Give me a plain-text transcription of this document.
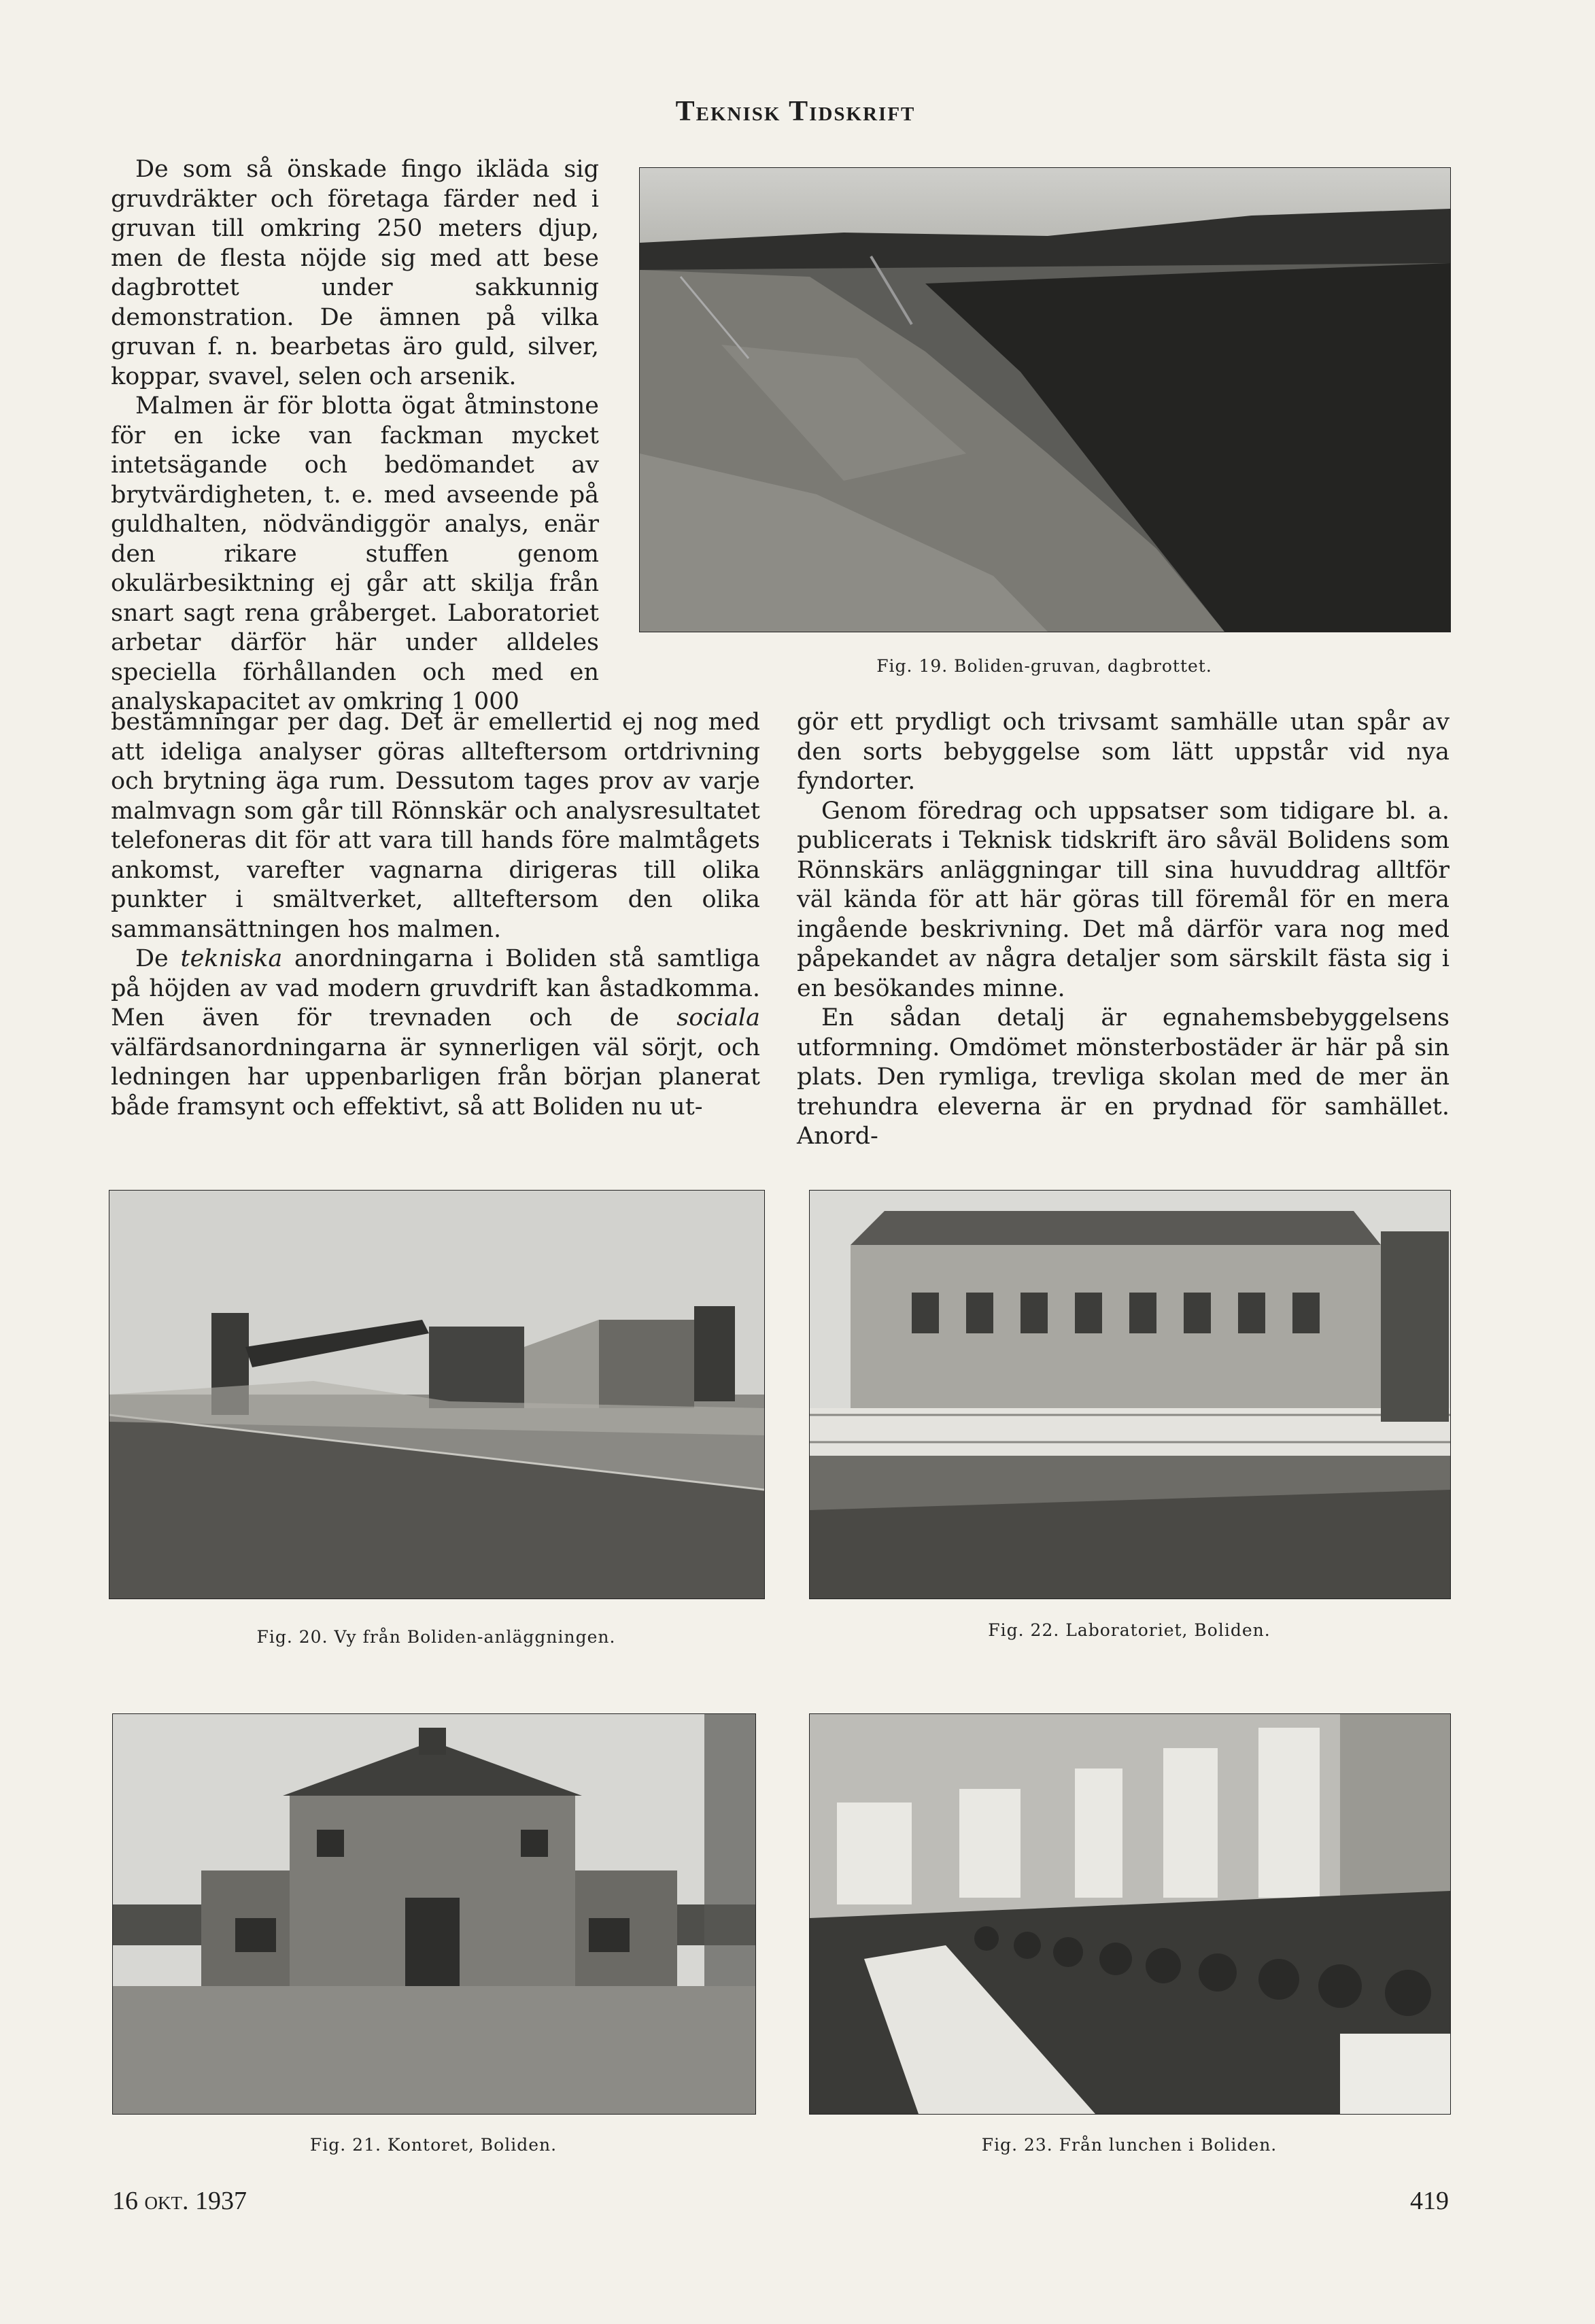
Teknisk Tidskrift

De som så önskade fingo ikläda sig gruvdräkter och företaga färder ned i gruvan till omkring 250 meters djup, men de flesta nöjde sig med att bese dagbrottet under sakkunnig demonstration. De ämnen på vilka gruvan f. n. bearbetas äro guld, silver, koppar, svavel, selen och arsenik.

Malmen är för blotta ögat åtminstone för en icke van fackman mycket intetsägande och bedömandet av brytvärdigheten, t. e. med avseende på guldhalten, nödvändiggör analys, enär den rikare stuffen genom okulärbesiktning ej går att skilja från snart sagt rena gråberget. Laboratoriet arbetar därför här under alldeles speciella förhållanden och med en analyskapacitet av omkring 1 000

bestämningar per dag. Det är emellertid ej nog med att ideliga analyser göras allteftersom ortdrivning och brytning äga rum. Dessutom tages prov av varje malmvagn som går till Rönnskär och analysresultatet telefoneras dit för att vara till hands före malmtågets ankomst, varefter vagnarna dirigeras till olika punkter i smältverket, allteftersom den olika sammansättningen hos malmen.

De tekniska anordningarna i Boliden stå samtliga på höjden av vad modern gruvdrift kan åstadkomma. Men även för trevnaden och de sociala välfärdsanordningarna är synnerligen väl sörjt, och ledningen har uppenbarligen från början planerat både framsynt och effektivt, så att Boliden nu ut-

gör ett prydligt och trivsamt samhälle utan spår av den sorts bebyggelse som lätt uppstår vid nya fyndorter.

Genom föredrag och uppsatser som tidigare bl. a. publicerats i Teknisk tidskrift äro såväl Bolidens som Rönnskärs anläggningar till sina huvuddrag alltför väl kända för att här göras till föremål för en mera ingående beskrivning. Det må därför vara nog med påpekandet av några detaljer som särskilt fästa sig i en besökandes minne.

En sådan detalj är egnahemsbebyggelsens utformning. Omdömet mönsterbostäder är här på sin plats. Den rymliga, trevliga skolan med de mer än trehundra eleverna är en prydnad för samhället. Anord-

Fig. 19. Boliden-gruvan, dagbrottet.
Fig. 20. Vy från Boliden-anläggningen.	Fig. 22. Laboratoriet, Boliden.
Fig. 21. Kontoret, Boliden.	Fig. 23. Från lunchen i Boliden.
16 okt. 1937	419
